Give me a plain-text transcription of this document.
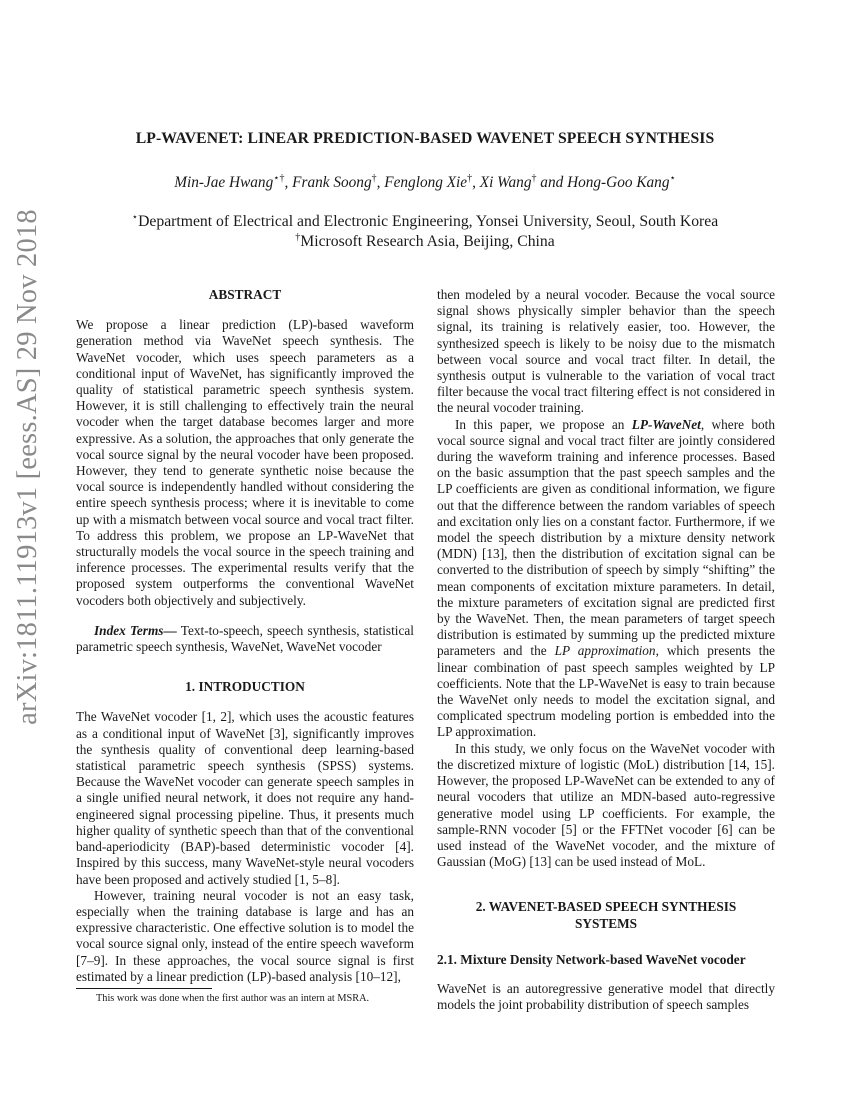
arXiv:1811.11913v1 [eess.AS] 29 Nov 2018
LP-WAVENET: LINEAR PREDICTION-BASED WAVENET SPEECH SYNTHESIS
Min-Jae Hwang⋆†, Frank Soong†, Fenglong Xie†, Xi Wang† and Hong-Goo Kang⋆
⋆Department of Electrical and Electronic Engineering, Yonsei University, Seoul, South Korea
†Microsoft Research Asia, Beijing, China
ABSTRACT

We propose a linear prediction (LP)-based waveform generation method via WaveNet speech synthesis. The WaveNet vocoder, which uses speech parameters as a conditional input of WaveNet, has significantly improved the quality of statistical parametric speech synthesis system. However, it is still challenging to effectively train the neural vocoder when the target database becomes larger and more expressive. As a solution, the approaches that only generate the vocal source signal by the neural vocoder have been proposed. However, they tend to generate synthetic noise because the vocal source is independently handled without considering the entire speech synthesis process; where it is inevitable to come up with a mismatch between vocal source and vocal tract filter. To address this problem, we propose an LP-WaveNet that structurally models the vocal source in the speech training and inference processes. The experimental results verify that the proposed system outperforms the conventional WaveNet vocoders both objectively and subjectively.

Index Terms— Text-to-speech, speech synthesis, statistical parametric speech synthesis, WaveNet, WaveNet vocoder

1. INTRODUCTION

The WaveNet vocoder [1, 2], which uses the acoustic features as a conditional input of WaveNet [3], significantly improves the synthesis quality of conventional deep learning-based statistical parametric speech synthesis (SPSS) systems. Because the WaveNet vocoder can generate speech samples in a single unified neural network, it does not require any hand-engineered signal processing pipeline. Thus, it presents much higher quality of synthetic speech than that of the conventional band-aperiodicity (BAP)-based deterministic vocoder [4]. Inspired by this success, many WaveNet-style neural vocoders have been proposed and actively studied [1, 5–8].

However, training neural vocoder is not an easy task, especially when the training database is large and has an expressive characteristic. One effective solution is to model the vocal source signal only, instead of the entire speech waveform [7–9]. In these approaches, the vocal source signal is first estimated by a linear prediction (LP)-based analysis [10–12],

then modeled by a neural vocoder. Because the vocal source signal shows physically simpler behavior than the speech signal, its training is relatively easier, too. However, the synthesized speech is likely to be noisy due to the mismatch between vocal source and vocal tract filter. In detail, the synthesis output is vulnerable to the variation of vocal tract filter because the vocal tract filtering effect is not considered in the neural vocoder training.

In this paper, we propose an LP-WaveNet, where both vocal source signal and vocal tract filter are jointly considered during the waveform training and inference processes. Based on the basic assumption that the past speech samples and the LP coefficients are given as conditional information, we figure out that the difference between the random variables of speech and excitation only lies on a constant factor. Furthermore, if we model the speech distribution by a mixture density network (MDN) [13], then the distribution of excitation signal can be converted to the distribution of speech by simply “shifting” the mean components of excitation mixture parameters. In detail, the mixture parameters of excitation signal are predicted first by the WaveNet. Then, the mean parameters of target speech distribution is estimated by summing up the predicted mixture parameters and the LP approximation, which presents the linear combination of past speech samples weighted by LP coefficients. Note that the LP-WaveNet is easy to train because the WaveNet only needs to model the excitation signal, and complicated spectrum modeling portion is embedded into the LP approximation.

In this study, we only focus on the WaveNet vocoder with the discretized mixture of logistic (MoL) distribution [14, 15]. However, the proposed LP-WaveNet can be extended to any of neural vocoders that utilize an MDN-based auto-regressive generative model using LP coefficients. For example, the sample-RNN vocoder [5] or the FFTNet vocoder [6] can be used instead of the WaveNet vocoder, and the mixture of Gaussian (MoG) [13] can be used instead of MoL.

2. WAVENET-BASED SPEECH SYNTHESIS
SYSTEMS
2.1. Mixture Density Network-based WaveNet vocoder

WaveNet is an autoregressive generative model that directly models the joint probability distribution of speech samples

This work was done when the first author was an intern at MSRA.
